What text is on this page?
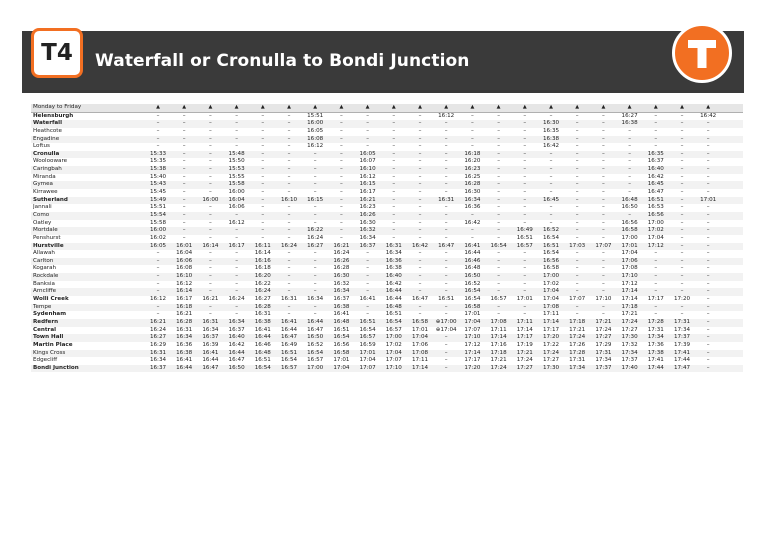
T4	Waterfall or Cronulla to Bondi Junction
Monday to Friday	▲	▲	▲	▲	▲	▲	▲	▲	▲	▲	▲	▲	▲	▲	▲	▲	▲	▲	▲	▲	▲	▲
Helensburgh	–	–	–	–	–	–	15:51	–	–	–	–	16:12	–	–	–	–	–	–	16:27	–	–	16:42
Waterfall	–	–	–	–	–	–	16:00	–	–	–	–	–	–	–	–	16:30	–	–	16:38	–	–	–
Heathcote	–	–	–	–	–	–	16:05	–	–	–	–	–	–	–	–	16:35	–	–	–	–	–	–
Engadine	–	–	–	–	–	–	16:08	–	–	–	–	–	–	–	–	16:38	–	–	–	–	–	–
Loftus	–	–	–	–	–	–	16:12	–	–	–	–	–	–	–	–	16:42	–	–	–	–	–	–
Cronulla	15:33	–	–	15:48	–	–	–	–	16:05	–	–	–	16:18	–	–	–	–	–	–	16:35	–	–
Woolooware	15:35	–	–	15:50	–	–	–	–	16:07	–	–	–	16:20	–	–	–	–	–	–	16:37	–	–
Caringbah	15:38	–	–	15:53	–	–	–	–	16:10	–	–	–	16:23	–	–	–	–	–	–	16:40	–	–
Miranda	15:40	–	–	15:55	–	–	–	–	16:12	–	–	–	16:25	–	–	–	–	–	–	16:42	–	–
Gymea	15:43	–	–	15:58	–	–	–	–	16:15	–	–	–	16:28	–	–	–	–	–	–	16:45	–	–
Kirrawee	15:45	–	–	16:00	–	–	–	–	16:17	–	–	–	16:30	–	–	–	–	–	–	16:47	–	–
Sutherland	15:49	–	16:00	16:04	–	16:10	16:15	–	16:21	–	–	16:31	16:34	–	–	16:45	–	–	16:48	16:51	–	17:01
Jannali	15:51	–	–	16:06	–	–	–	–	16:23	–	–	–	16:36	–	–	–	–	–	16:50	16:53	–	–
Como	15:54	–	–	–	–	–	–	–	16:26	–	–	–	–	–	–	–	–	–	–	16:56	–	–
Oatley	15:58	–	–	16:12	–	–	–	–	16:30	–	–	–	16:42	–	–	–	–	–	16:56	17:00	–	–
Mortdale	16:00	–	–	–	–	–	16:22	–	16:32	–	–	–	–	–	16:49	16:52	–	–	16:58	17:02	–	–
Penshurst	16:02	–	–	–	–	–	16:24	–	16:34	–	–	–	–	–	16:51	16:54	–	–	17:00	17:04	–	–
Hurstville	16:05	16:01	16:14	16:17	16:11	16:24	16:27	16:21	16:37	16:31	16:42	16:47	16:41	16:54	16:57	16:51	17:03	17:07	17:01	17:12	–	–
Allawah	–	16:04	–	–	16:14	–	–	16:24	–	16:34	–	–	16:44	–	–	16:54	–	–	17:04	–	–	–
Carlton	–	16:06	–	–	16:16	–	–	16:26	–	16:36	–	–	16:46	–	–	16:56	–	–	17:06	–	–	–
Kogarah	–	16:08	–	–	16:18	–	–	16:28	–	16:38	–	–	16:48	–	–	16:58	–	–	17:08	–	–	–
Rockdale	–	16:10	–	–	16:20	–	–	16:30	–	16:40	–	–	16:50	–	–	17:00	–	–	17:10	–	–	–
Banksia	–	16:12	–	–	16:22	–	–	16:32	–	16:42	–	–	16:52	–	–	17:02	–	–	17:12	–	–	–
Arncliffe	–	16:14	–	–	16:24	–	–	16:34	–	16:44	–	–	16:54	–	–	17:04	–	–	17:14	–	–	–
Wolli Creek	16:12	16:17	16:21	16:24	16:27	16:31	16:34	16:37	16:41	16:44	16:47	16:51	16:54	16:57	17:01	17:04	17:07	17:10	17:14	17:17	17:20	–
Tempe	–	16:18	–	–	16:28	–	–	16:38	–	16:48	–	–	16:58	–	–	17:08	–	–	17:18	–	–	–
Sydenham	–	16:21	–	–	16:31	–	–	16:41	–	16:51	–	–	17:01	–	–	17:11	–	–	17:21	–	–	–
Redfern	16:21	16:28	16:31	16:34	16:38	16:41	16:44	16:48	16:51	16:54	16:58	⊕17:00	17:04	17:08	17:11	17:14	17:18	17:21	17:24	17:28	17:31	–
Central	16:24	16:31	16:34	16:37	16:41	16:44	16:47	16:51	16:54	16:57	17:01	⊕17:04	17:07	17:11	17:14	17:17	17:21	17:24	17:27	17:31	17:34	–
Town Hall	16:27	16:34	16:37	16:40	16:44	16:47	16:50	16:54	16:57	17:00	17:04	–	17:10	17:14	17:17	17:20	17:24	17:27	17:30	17:34	17:37	–
Martin Place	16:29	16:36	16:39	16:42	16:46	16:49	16:52	16:56	16:59	17:02	17:06	–	17:12	17:16	17:19	17:22	17:26	17:29	17:32	17:36	17:39	–
Kings Cross	16:31	16:38	16:41	16:44	16:48	16:51	16:54	16:58	17:01	17:04	17:08	–	17:14	17:18	17:21	17:24	17:28	17:31	17:34	17:38	17:41	–
Edgecliff	16:34	16:41	16:44	16:47	16:51	16:54	16:57	17:01	17:04	17:07	17:11	–	17:17	17:21	17:24	17:27	17:31	17:34	17:37	17:41	17:44	–
Bondi Junction	16:37	16:44	16:47	16:50	16:54	16:57	17:00	17:04	17:07	17:10	17:14	–	17:20	17:24	17:27	17:30	17:34	17:37	17:40	17:44	17:47	–
